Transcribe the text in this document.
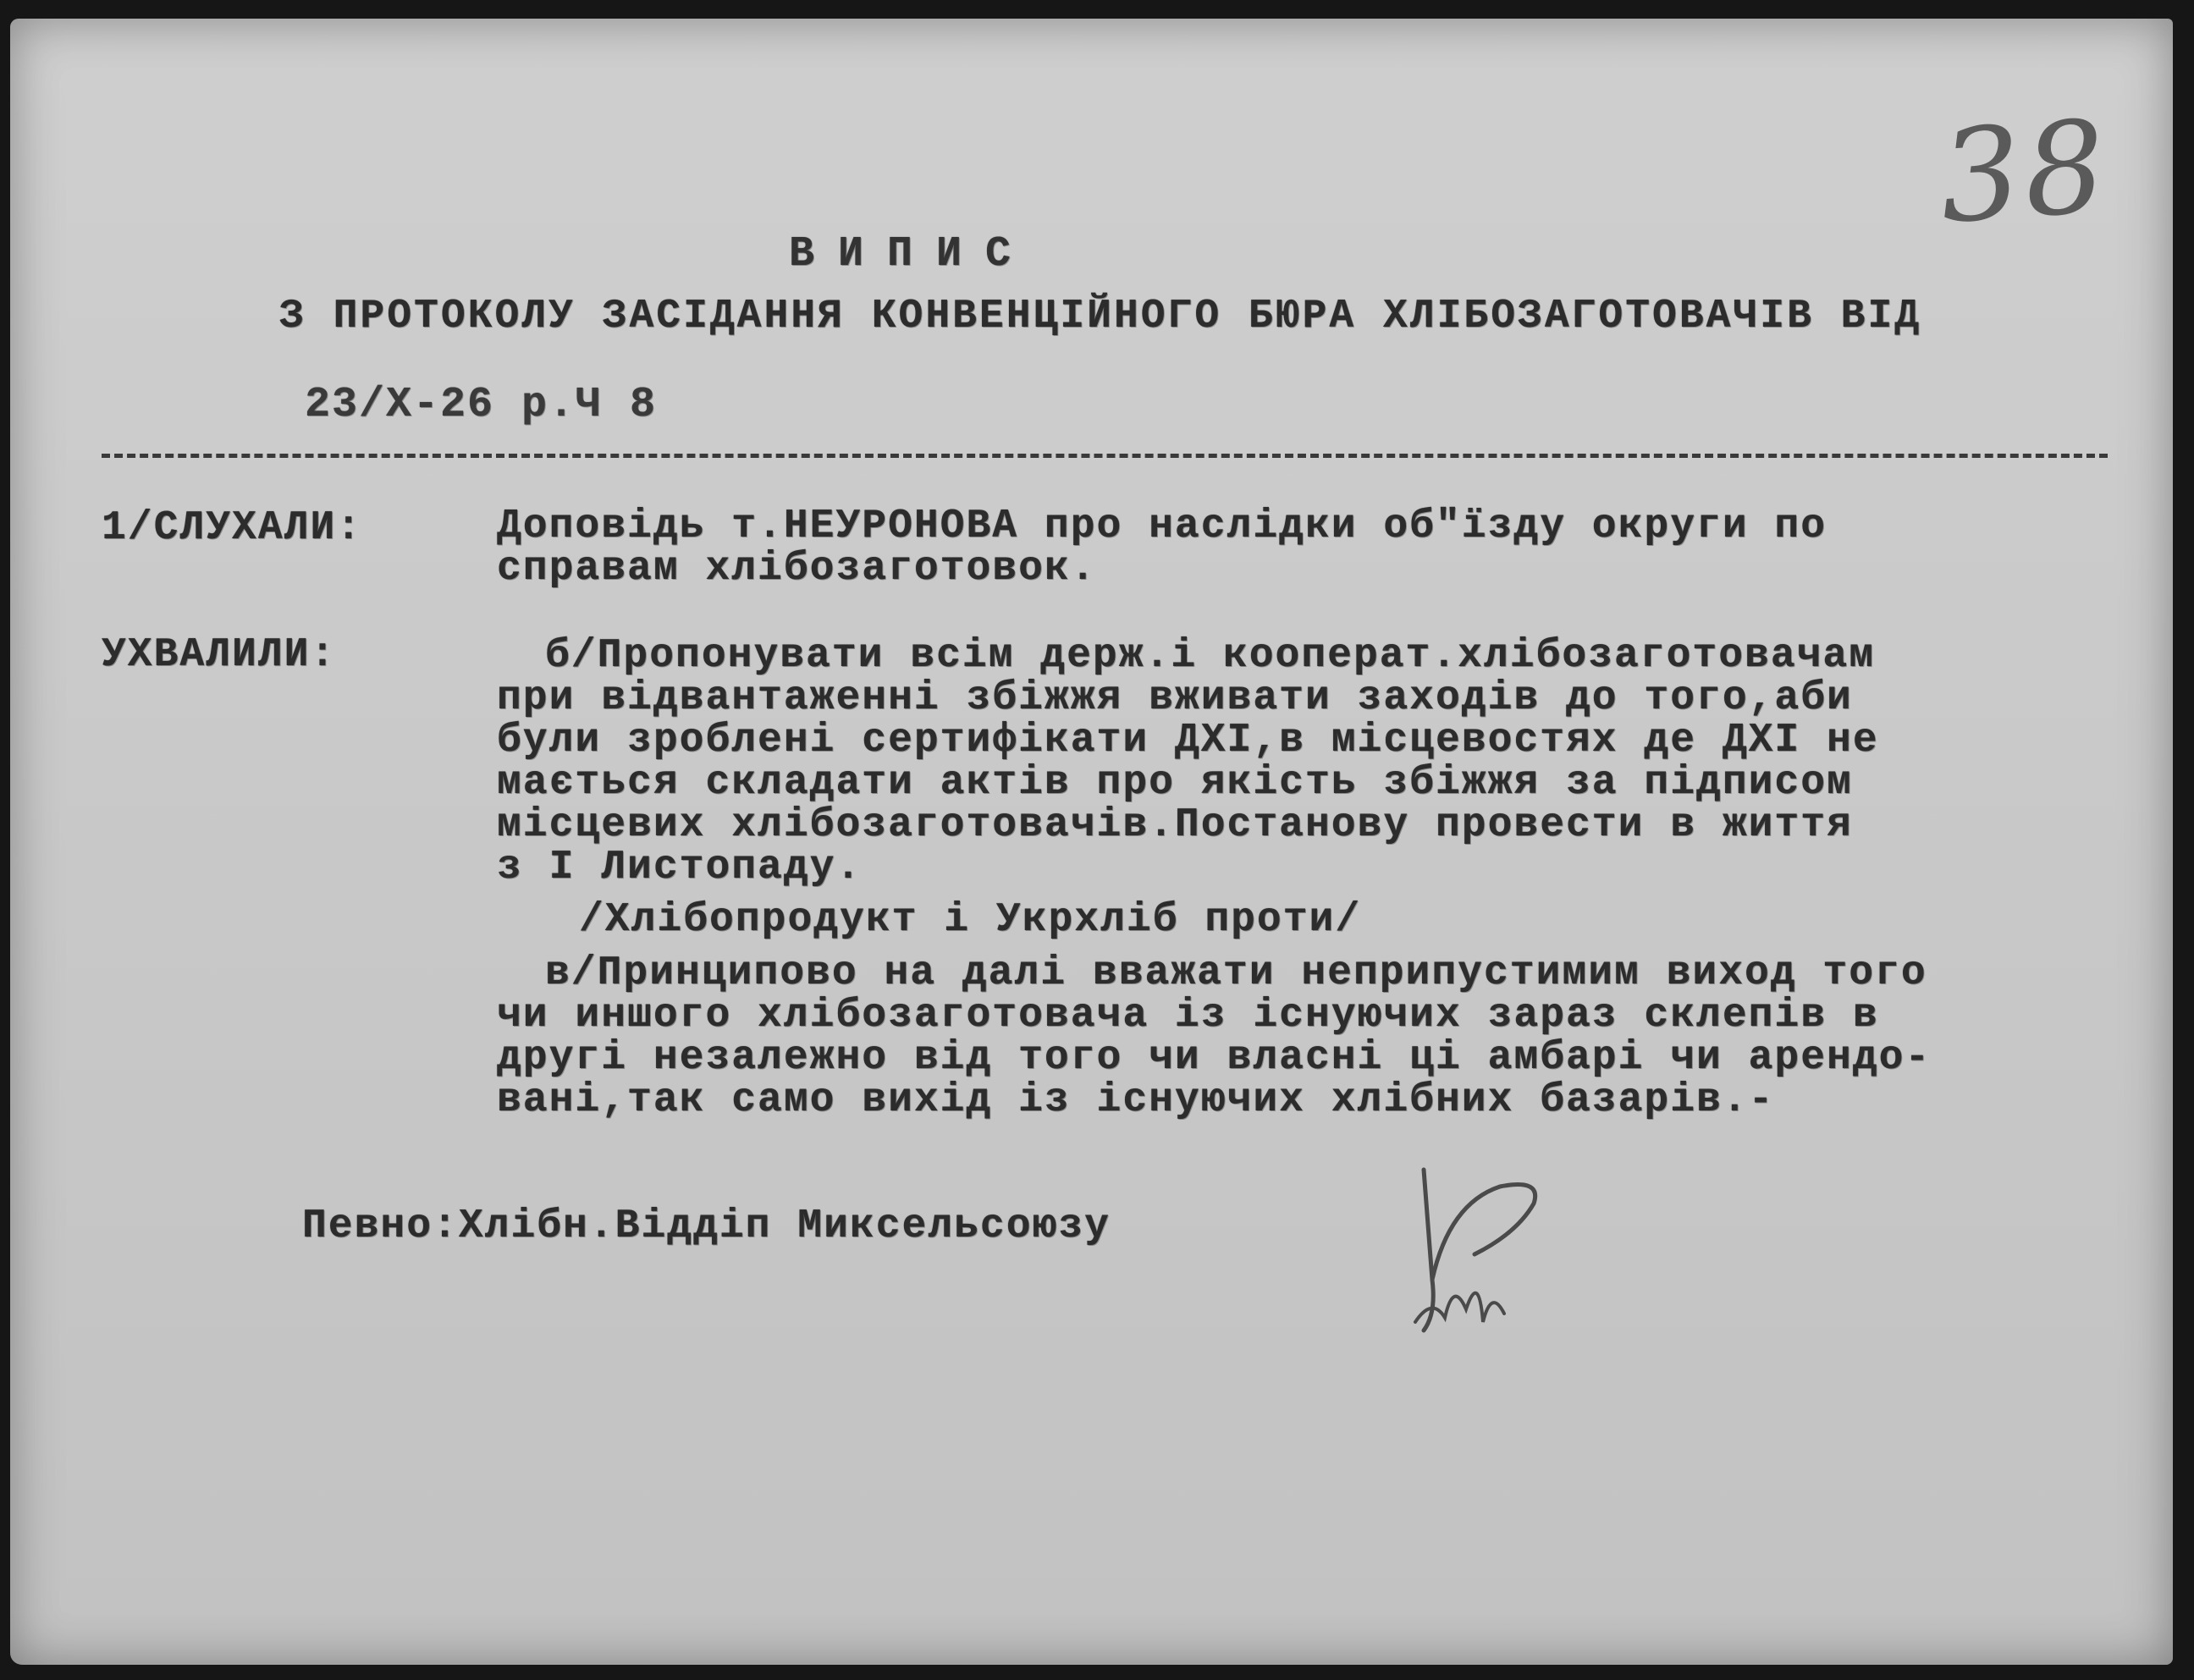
38
ВИПИС
З ПРОТОКОЛУ ЗАСІДАННЯ КОНВЕНЦІЙНОГО БЮРА ХЛІБОЗАГОТОВАЧІВ ВІД
23/Х-26 р.Ч 8
1/СЛУХАЛИ:	Доповідь т.НЕУРОНОВА про наслідки об"їзду округи по
справам хлібозаготовок.
УХВАЛИЛИ:	б/Пропонувати всім держ.і кооперат.хлібозаготовачам
при відвантаженні збіжжя вживати заходів до того,аби
були зроблені сертифікати ДХІ,в місцевостях де ДХІ не
мається складати актів про якість збіжжя за підписом
місцевих хлібозаготовачів.Постанову провести в життя
з І Листопаду.
/Хлібопродукт і Укрхліб проти/
в/Принципово на далі вважати неприпустимим виход того
чи иншого хлібозаготовача із існуючих зараз склепів в
другі незалежно від того чи власні ці амбарі чи арендо-
вані,так само вихід із існуючих хлібних базарів.-
Певно:Хлібн.Віддіп Миксельсоюзу
